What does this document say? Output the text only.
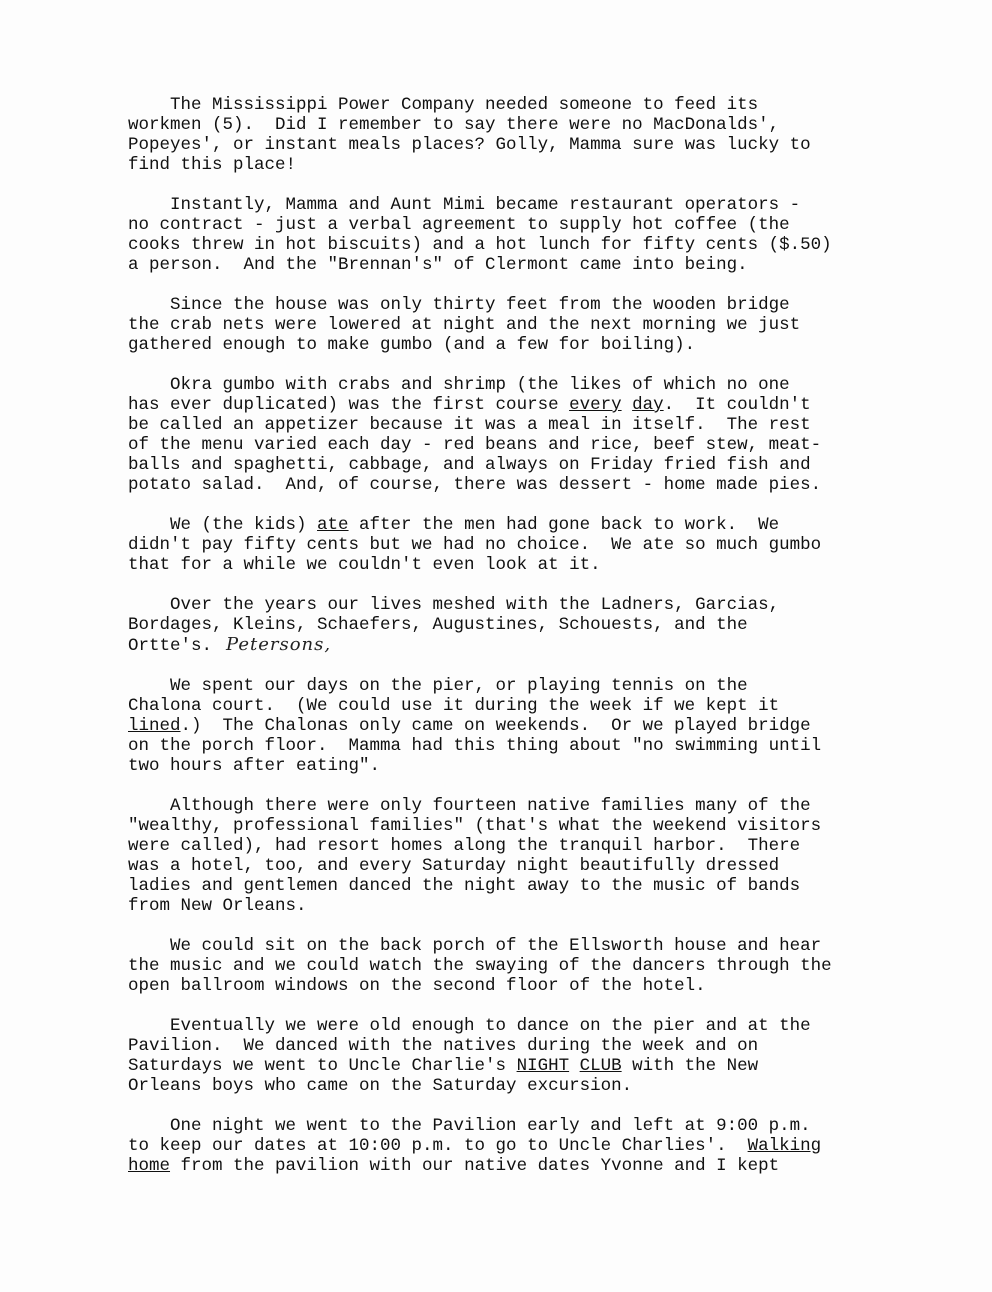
The Mississippi Power Company needed someone to feed its
workmen (5).  Did I remember to say there were no MacDonalds',
Popeyes', or instant meals places? Golly, Mamma sure was lucky to
find this place!
Instantly, Mamma and Aunt Mimi became restaurant operators -
no contract - just a verbal agreement to supply hot coffee (the
cooks threw in hot biscuits) and a hot lunch for fifty cents ($.50)
a person.  And the "Brennan's" of Clermont came into being.
Since the house was only thirty feet from the wooden bridge
the crab nets were lowered at night and the next morning we just
gathered enough to make gumbo (and a few for boiling).
Okra gumbo with crabs and shrimp (the likes of which no one
has ever duplicated) was the first course every day.  It couldn't
be called an appetizer because it was a meal in itself.  The rest
of the menu varied each day - red beans and rice, beef stew, meat-
balls and spaghetti, cabbage, and always on Friday fried fish and
potato salad.  And, of course, there was dessert - home made pies.
We (the kids) ate after the men had gone back to work.  We
didn't pay fifty cents but we had no choice.  We ate so much gumbo
that for a while we couldn't even look at it.
Over the years our lives meshed with the Ladners, Garcias,
Bordages, Kleins, Schaefers, Augustines, Schouests, and the
Ortte's. Petersons,
We spent our days on the pier, or playing tennis on the
Chalona court.  (We could use it during the week if we kept it
lined.)  The Chalonas only came on weekends.  Or we played bridge
on the porch floor.  Mamma had this thing about "no swimming until
two hours after eating".
Although there were only fourteen native families many of the
"wealthy, professional families" (that's what the weekend visitors
were called), had resort homes along the tranquil harbor.  There
was a hotel, too, and every Saturday night beautifully dressed
ladies and gentlemen danced the night away to the music of bands
from New Orleans.
We could sit on the back porch of the Ellsworth house and hear
the music and we could watch the swaying of the dancers through the
open ballroom windows on the second floor of the hotel.
Eventually we were old enough to dance on the pier and at the
Pavilion.  We danced with the natives during the week and on
Saturdays we went to Uncle Charlie's NIGHT CLUB with the New
Orleans boys who came on the Saturday excursion.
One night we went to the Pavilion early and left at 9:00 p.m.
to keep our dates at 10:00 p.m. to go to Uncle Charlies'.  Walking
home from the pavilion with our native dates Yvonne and I kept
